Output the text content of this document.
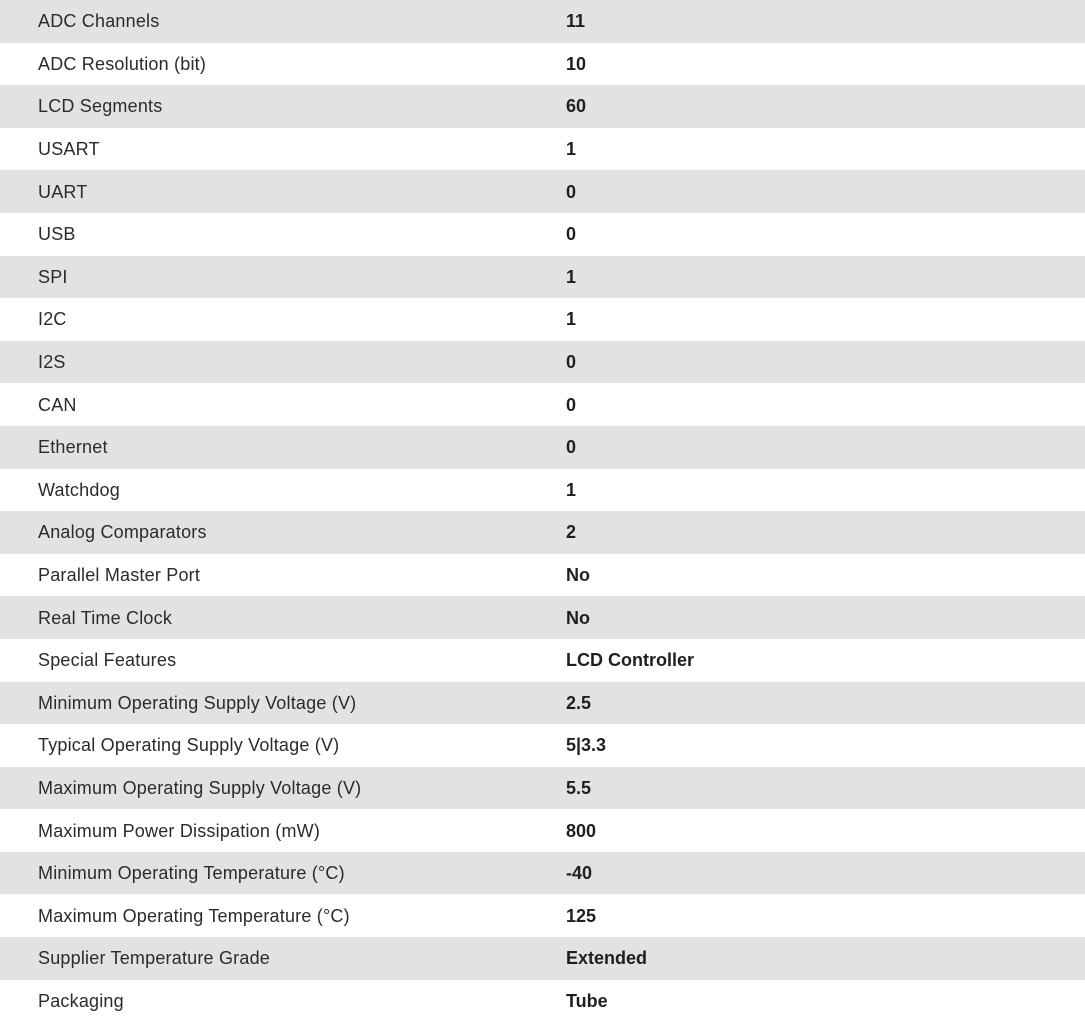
ADC Channels	11
ADC Resolution (bit)	10
LCD Segments	60
USART	1
UART	0
USB	0
SPI	1
I2C	1
I2S	0
CAN	0
Ethernet	0
Watchdog	1
Analog Comparators	2
Parallel Master Port	No
Real Time Clock	No
Special Features	LCD Controller
Minimum Operating Supply Voltage (V)	2.5
Typical Operating Supply Voltage (V)	5|3.3
Maximum Operating Supply Voltage (V)	5.5
Maximum Power Dissipation (mW)	800
Minimum Operating Temperature (°C)	-40
Maximum Operating Temperature (°C)	125
Supplier Temperature Grade	Extended
Packaging	Tube
